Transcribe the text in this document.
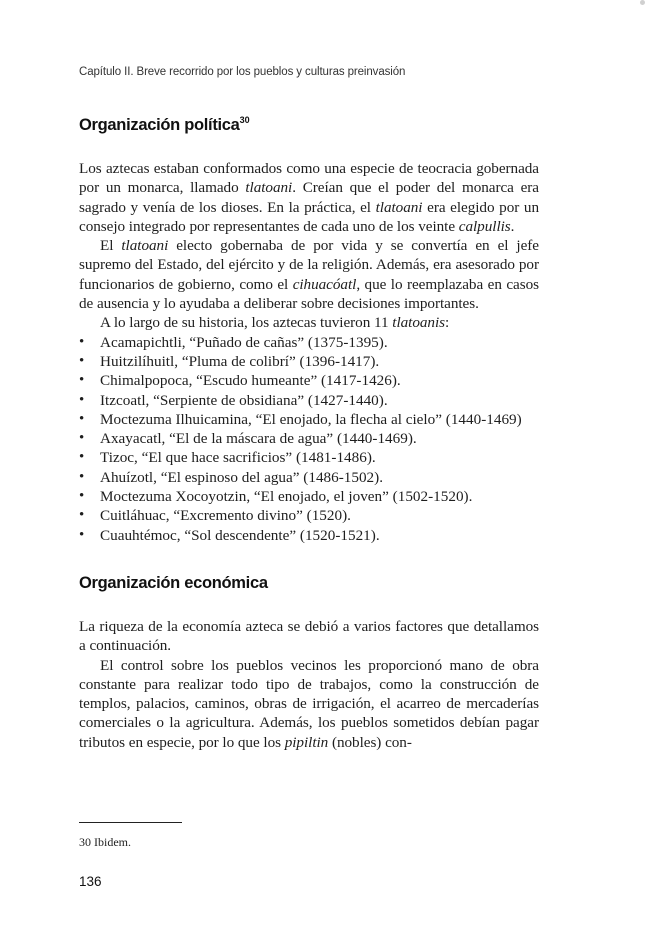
Capítulo II. Breve recorrido por los pueblos y culturas preinvasión
Organización política$^{30}$

Los aztecas estaban conformados como una especie de teocracia gobernada por un monarca, llamado tlatoani. Creían que el poder del monarca era sagrado y venía de los dioses. En la práctica, el tlatoani era elegido por un consejo integrado por representantes de cada uno de los veinte calpullis.

El tlatoani electo gobernaba de por vida y se convertía en el jefe supremo del Estado, del ejército y de la religión. Además, era asesorado por funcionarios de gobierno, como el cihuacóatl, que lo reemplazaba en casos de ausencia y lo ayudaba a deliberar sobre decisiones importantes.

A lo largo de su historia, los aztecas tuvieron 11 tlatoanis:

• Acamapichtli, “Puñado de cañas” (1375-1395).
• Huitzilíhuitl, “Pluma de colibrí” (1396-1417).
• Chimalpopoca, “Escudo humeante” (1417-1426).
• Itzcoatl, “Serpiente de obsidiana” (1427-1440).
• Moctezuma Ilhuicamina, “El enojado, la flecha al cielo” (1440-1469)
• Axayacatl, “El de la máscara de agua” (1440-1469).
• Tizoc, “El que hace sacrificios” (1481-1486).
• Ahuízotl, “El espinoso del agua” (1486-1502).
• Moctezuma Xocoyotzin, “El enojado, el joven” (1502-1520).
• Cuitláhuac, “Excremento divino” (1520).
• Cuauhtémoc, “Sol descendente” (1520-1521).
Organización económica

La riqueza de la economía azteca se debió a varios factores que detallamos a continuación.

El control sobre los pueblos vecinos les proporcionó mano de obra constante para realizar todo tipo de trabajos, como la construcción de templos, palacios, caminos, obras de irrigación, el acarreo de mercaderías comerciales o la agricultura. Además, los pueblos sometidos debían pagar tributos en especie, por lo que los pipiltin (nobles) con-

30 Ibidem.
136
